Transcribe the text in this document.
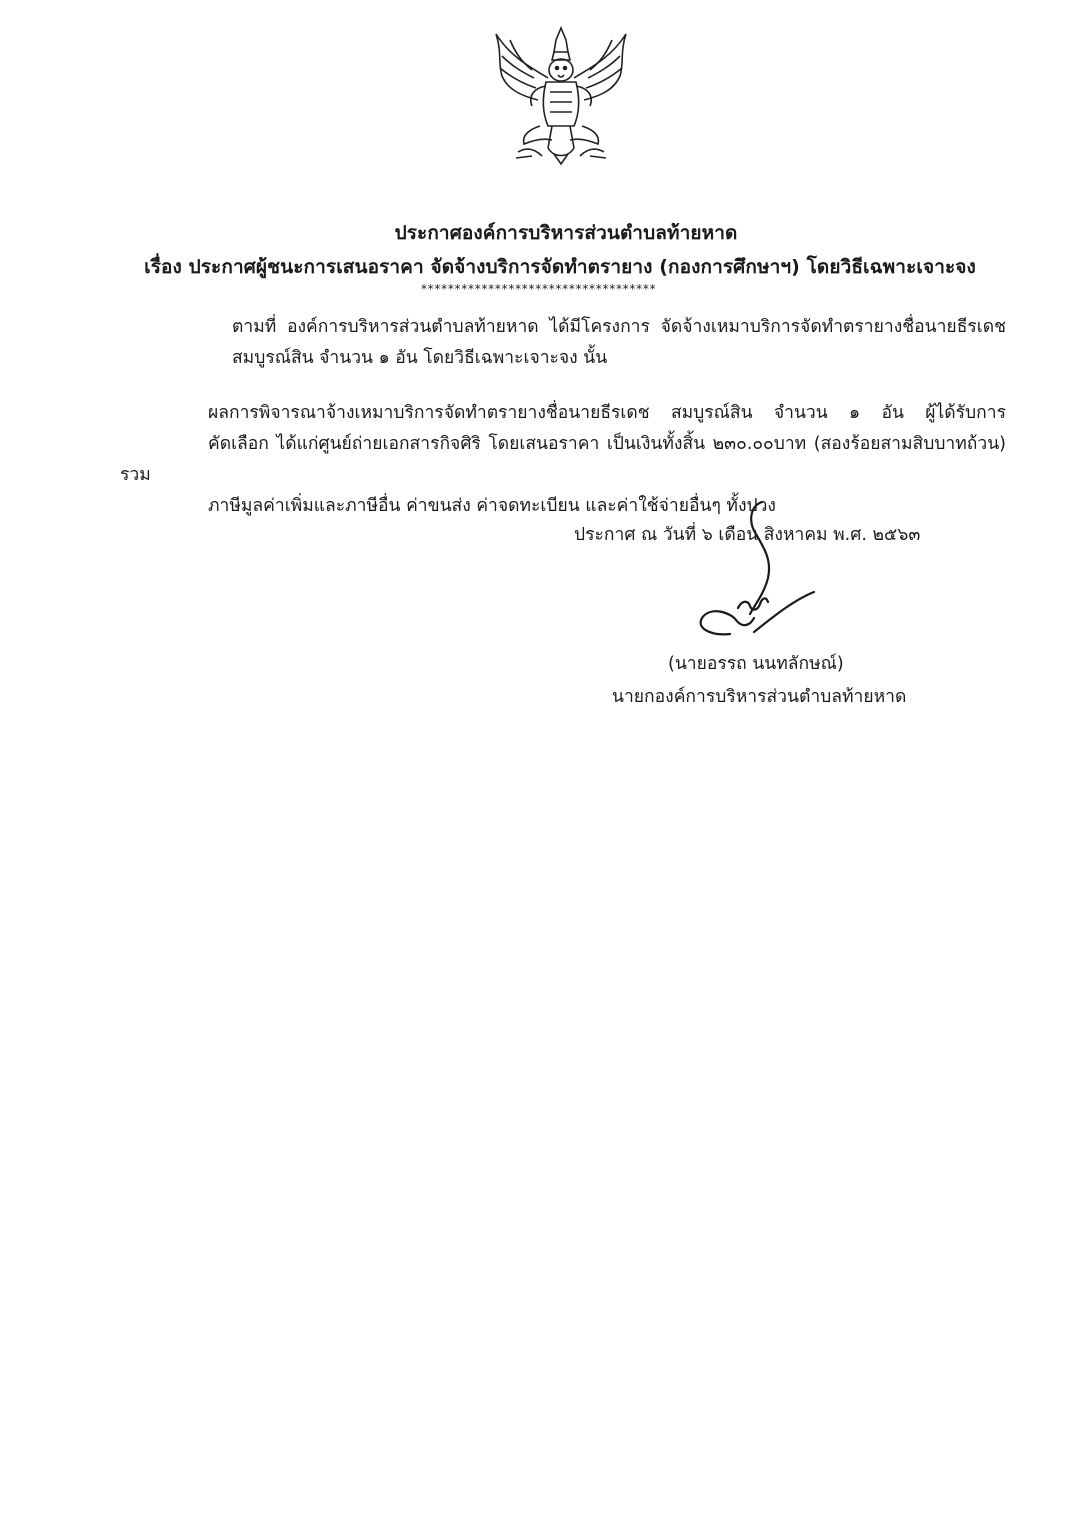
ประกาศองค์การบริหารส่วนตำบลท้ายหาด
เรื่อง ประกาศผู้ชนะการเสนอราคา จัดจ้างบริการจัดทำตรายาง (กองการศึกษาฯ) โดยวิธีเฉพาะเจาะจง
***********************************
ตามที่ องค์การบริหารส่วนตำบลท้ายหาด ได้มีโครงการ จัดจ้างเหมาบริการจัดทำตรายางชื่อนายธีรเดช
สมบูรณ์สิน จำนวน ๑ อัน โดยวิธีเฉพาะเจาะจง นั้น
ผลการพิจารณาจ้างเหมาบริการจัดทำตรายางชื่อนายธีรเดช สมบูรณ์สิน จำนวน ๑ อัน ผู้ได้รับการ
คัดเลือก ได้แก่ศูนย์ถ่ายเอกสารกิจศิริ โดยเสนอราคา เป็นเงินทั้งสิ้น ๒๓๐.๐๐บาท (สองร้อยสามสิบบาทถ้วน) รวม
ภาษีมูลค่าเพิ่มและภาษีอื่น ค่าขนส่ง ค่าจดทะเบียน และค่าใช้จ่ายอื่นๆ ทั้งปวง
ประกาศ ณ วันที่ ๖ เดือน สิงหาคม พ.ศ. ๒๕๖๓
(นายอรรถ นนทลักษณ์)
นายกองค์การบริหารส่วนตำบลท้ายหาด
